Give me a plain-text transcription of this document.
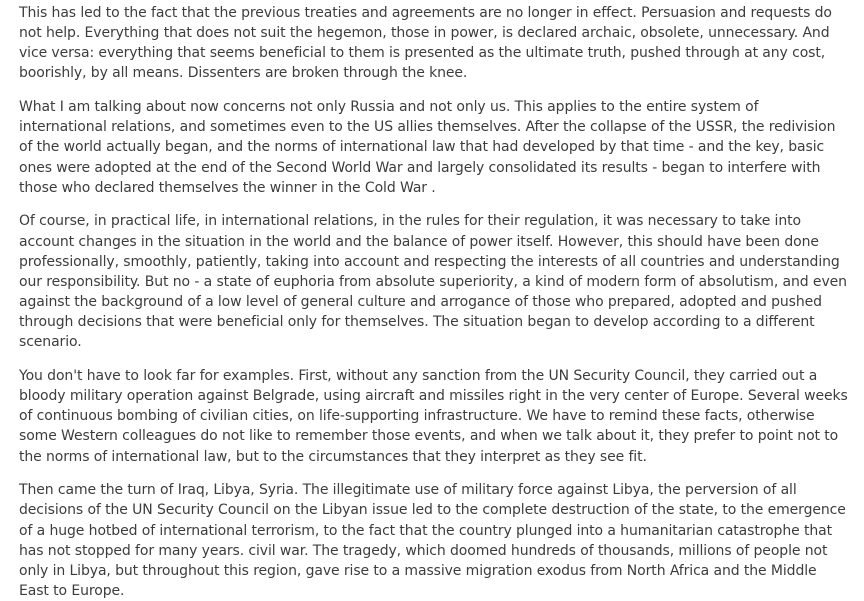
This has led to the fact that the previous treaties and agreements are no longer in effect. Persuasion and requests do not help. Everything that does not suit the hegemon, those in power, is declared archaic, obsolete, unnecessary. And vice versa: everything that seems beneficial to them is presented as the ultimate truth, pushed through at any cost, boorishly, by all means. Dissenters are broken through the knee.

What I am talking about now concerns not only Russia and not only us. This applies to the entire system of international relations, and sometimes even to the US allies themselves. After the collapse of the USSR, the redivision of the world actually began, and the norms of international law that had developed by that time - and the key, basic ones were adopted at the end of the Second World War and largely consolidated its results - began to interfere with those who declared themselves the winner in the Cold War .

Of course, in practical life, in international relations, in the rules for their regulation, it was necessary to take into account changes in the situation in the world and the balance of power itself. However, this should have been done professionally, smoothly, patiently, taking into account and respecting the interests of all countries and understanding our responsibility. But no - a state of euphoria from absolute superiority, a kind of modern form of absolutism, and even against the background of a low level of general culture and arrogance of those who prepared, adopted and pushed through decisions that were beneficial only for themselves. The situation began to develop according to a different scenario.

You don't have to look far for examples. First, without any sanction from the UN Security Council, they carried out a bloody military operation against Belgrade, using aircraft and missiles right in the very center of Europe. Several weeks of continuous bombing of civilian cities, on life-supporting infrastructure. We have to remind these facts, otherwise some Western colleagues do not like to remember those events, and when we talk about it, they prefer to point not to the norms of international law, but to the circumstances that they interpret as they see fit.

Then came the turn of Iraq, Libya, Syria. The illegitimate use of military force against Libya, the perversion of all decisions of the UN Security Council on the Libyan issue led to the complete destruction of the state, to the emergence of a huge hotbed of international terrorism, to the fact that the country plunged into a humanitarian catastrophe that has not stopped for many years. civil war. The tragedy, which doomed hundreds of thousands, millions of people not only in Libya, but throughout this region, gave rise to a massive migration exodus from North Africa and the Middle East to Europe.
